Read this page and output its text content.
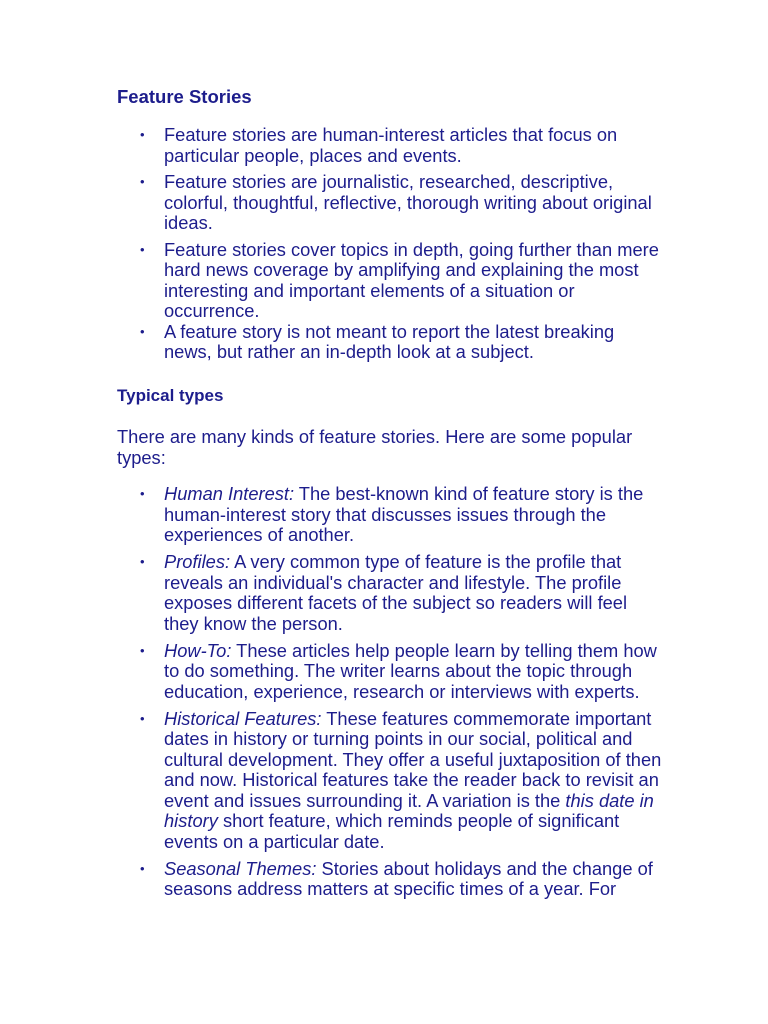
Feature Stories
• Feature stories are human-interest articles that focus on particular people, places and events.
• Feature stories are journalistic, researched, descriptive, colorful, thoughtful, reflective, thorough writing about original ideas.
• Feature stories cover topics in depth, going further than mere hard news coverage by amplifying and explaining the most interesting and important elements of a situation or occurrence.
• A feature story is not meant to report the latest breaking news, but rather an in-depth look at a subject.
Typical types
There are many kinds of feature stories. Here are some popular types:
• Human Interest: The best-known kind of feature story is the human-interest story that discusses issues through the experiences of another.
• Profiles: A very common type of feature is the profile that reveals an individual's character and lifestyle. The profile exposes different facets of the subject so readers will feel they know the person.
• How-To: These articles help people learn by telling them how to do something. The writer learns about the topic through education, experience, research or interviews with experts.
• Historical Features: These features commemorate important dates in history or turning points in our social, political and cultural development. They offer a useful juxtaposition of then and now. Historical features take the reader back to revisit an event and issues surrounding it. A variation is the this date in history short feature, which reminds people of significant events on a particular date.
• Seasonal Themes: Stories about holidays and the change of seasons address matters at specific times of a year. For
